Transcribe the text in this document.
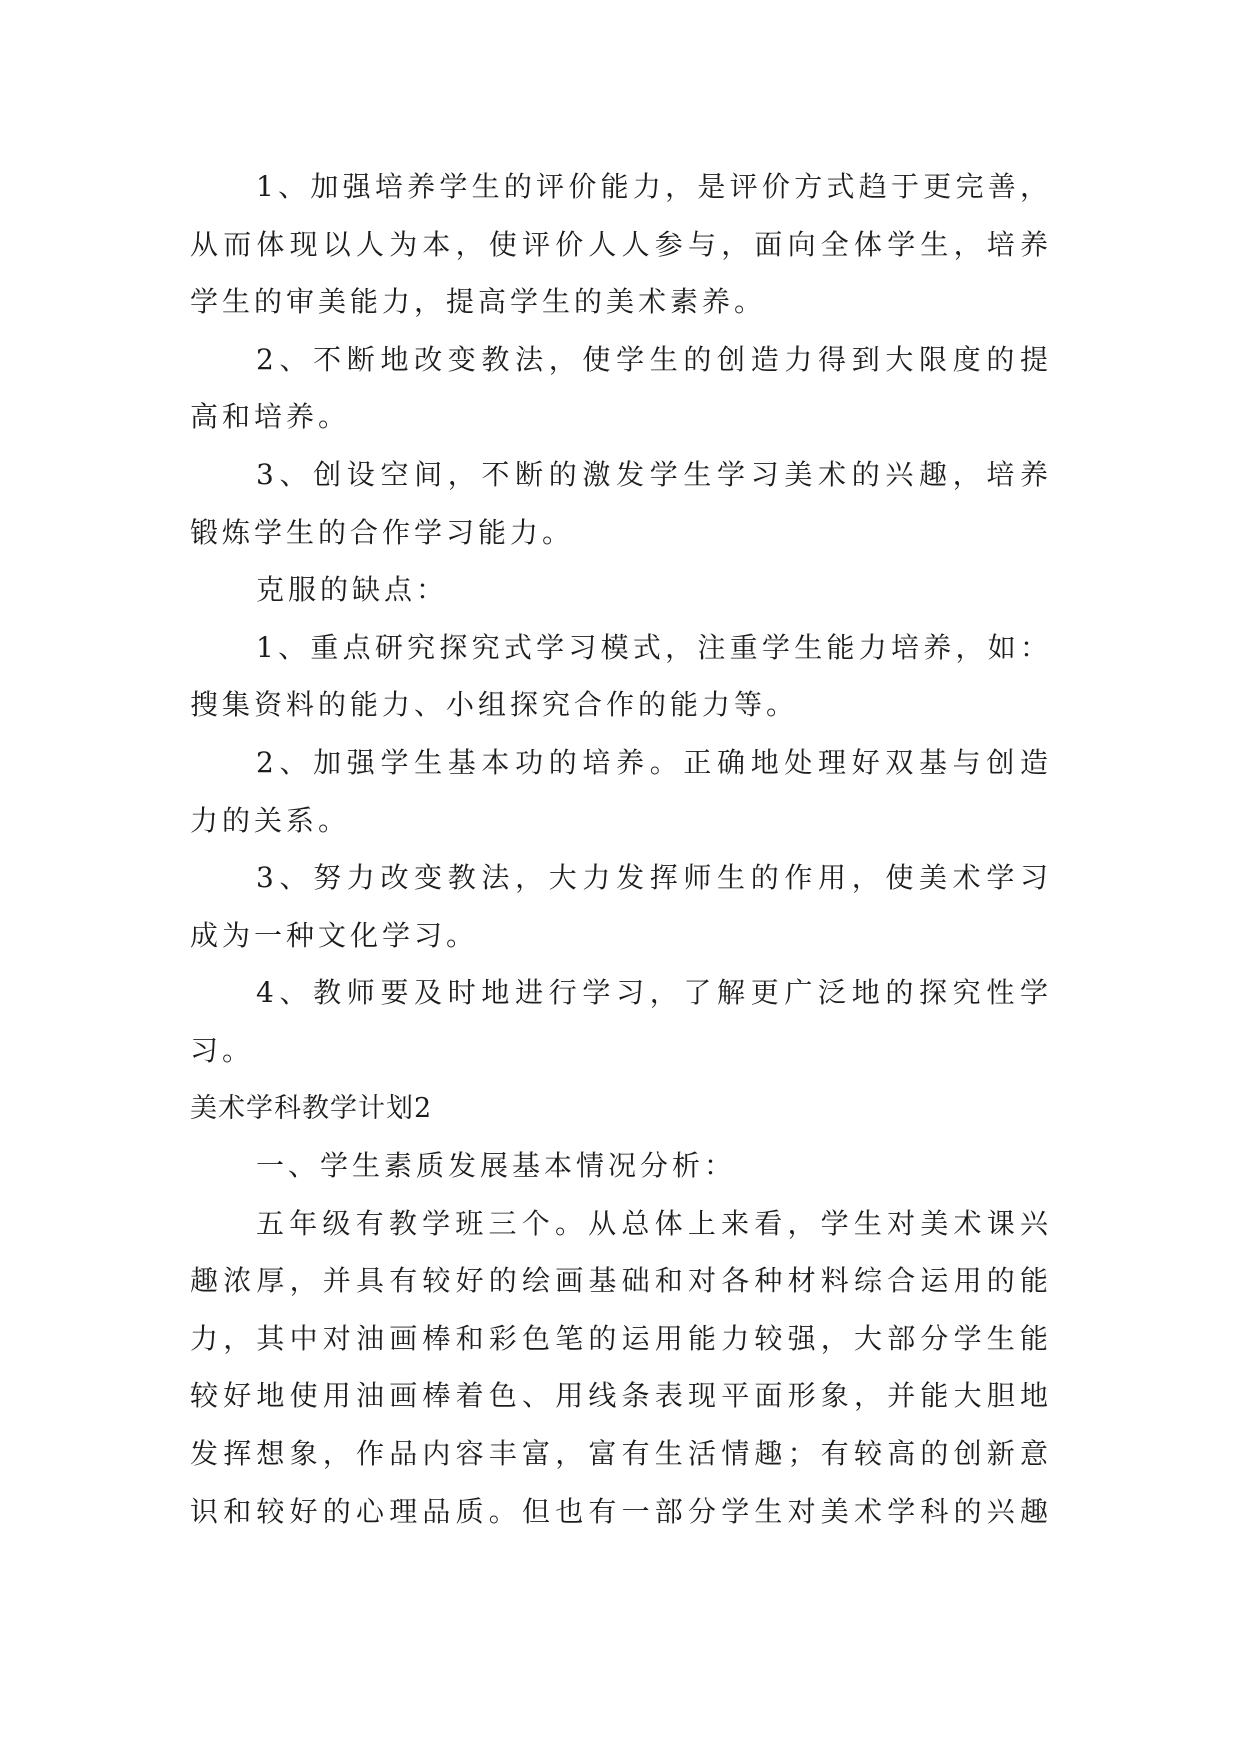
1、加强培养学生的评价能力，是评价方式趋于更完善，
从而体现以人为本，使评价人人参与，面向全体学生，培养
学生的审美能力，提高学生的美术素养。
2、不断地改变教法，使学生的创造力得到大限度的提
高和培养。
3、创设空间，不断的激发学生学习美术的兴趣，培养
锻炼学生的合作学习能力。
克服的缺点：
1、重点研究探究式学习模式，注重学生能力培养，如：
搜集资料的能力、小组探究合作的能力等。
2、加强学生基本功的培养。正确地处理好双基与创造
力的关系。
3、努力改变教法，大力发挥师生的作用，使美术学习
成为一种文化学习。
4、教师要及时地进行学习，了解更广泛地的探究性学
习。
美术学科教学计划2
一、学生素质发展基本情况分析：
五年级有教学班三个。从总体上来看，学生对美术课兴
趣浓厚，并具有较好的绘画基础和对各种材料综合运用的能
力，其中对油画棒和彩色笔的运用能力较强，大部分学生能
较好地使用油画棒着色、用线条表现平面形象，并能大胆地
发挥想象，作品内容丰富，富有生活情趣；有较高的创新意
识和较好的心理品质。但也有一部分学生对美术学科的兴趣
